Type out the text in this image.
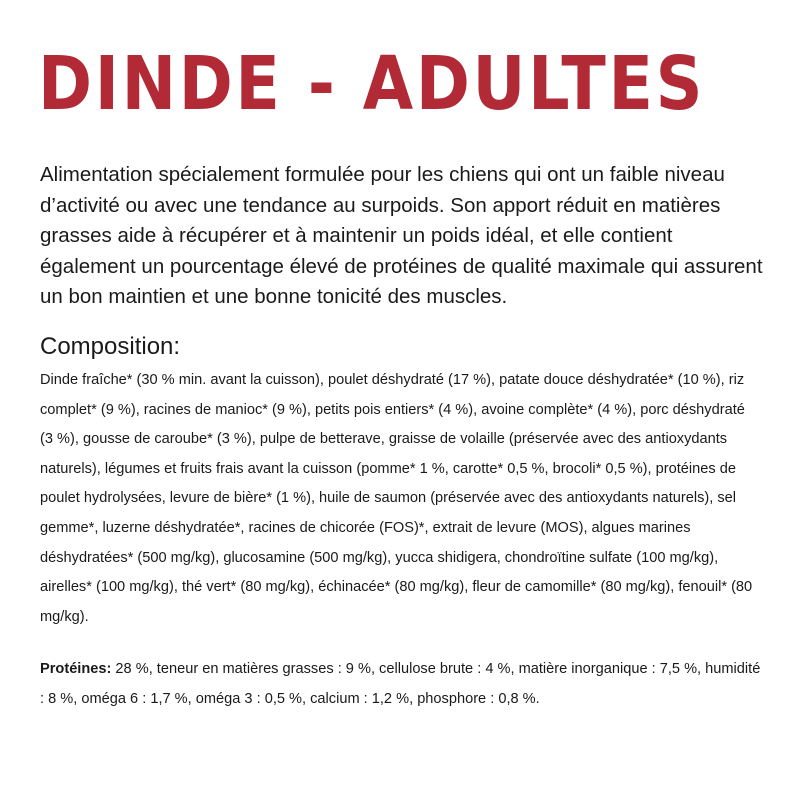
DINDE - ADULTES

Alimentation spécialement formulée pour les chiens qui ont un faible niveau d’activité ou avec une tendance au surpoids. Son apport réduit en matières grasses aide à récupérer et à maintenir un poids idéal, et elle contient également un pourcentage élevé de protéines de qualité maximale qui assurent un bon maintien et une bonne tonicité des muscles.

Composition:

Dinde fraîche* (30 % min. avant la cuisson), poulet déshydraté (17 %), patate douce déshydratée* (10 %), riz complet* (9 %), racines de manioc* (9 %), petits pois entiers* (4 %), avoine complète* (4 %), porc déshydraté (3 %), gousse de caroube* (3 %), pulpe de betterave, graisse de volaille (préservée avec des antioxydants naturels), légumes et fruits frais avant la cuisson (pomme* 1 %, carotte* 0,5 %, brocoli* 0,5 %), protéines de poulet hydrolysées, levure de bière* (1 %), huile de saumon (préservée avec des antioxydants naturels), sel gemme*, luzerne déshydratée*, racines de chicorée (FOS)*, extrait de levure (MOS), algues marines déshydratées* (500 mg/kg), glucosamine (500 mg/kg), yucca shidigera, chondroïtine sulfate (100 mg/kg), airelles* (100 mg/kg), thé vert* (80 mg/kg), échinacée* (80 mg/kg), fleur de camomille* (80 mg/kg), fenouil* (80 mg/kg).

Protéines: 28 %, teneur en matières grasses : 9 %, cellulose brute : 4 %, matière inorganique : 7,5 %, humidité : 8 %, oméga 6 : 1,7 %, oméga 3 : 0,5 %, calcium : 1,2 %, phosphore : 0,8 %.
